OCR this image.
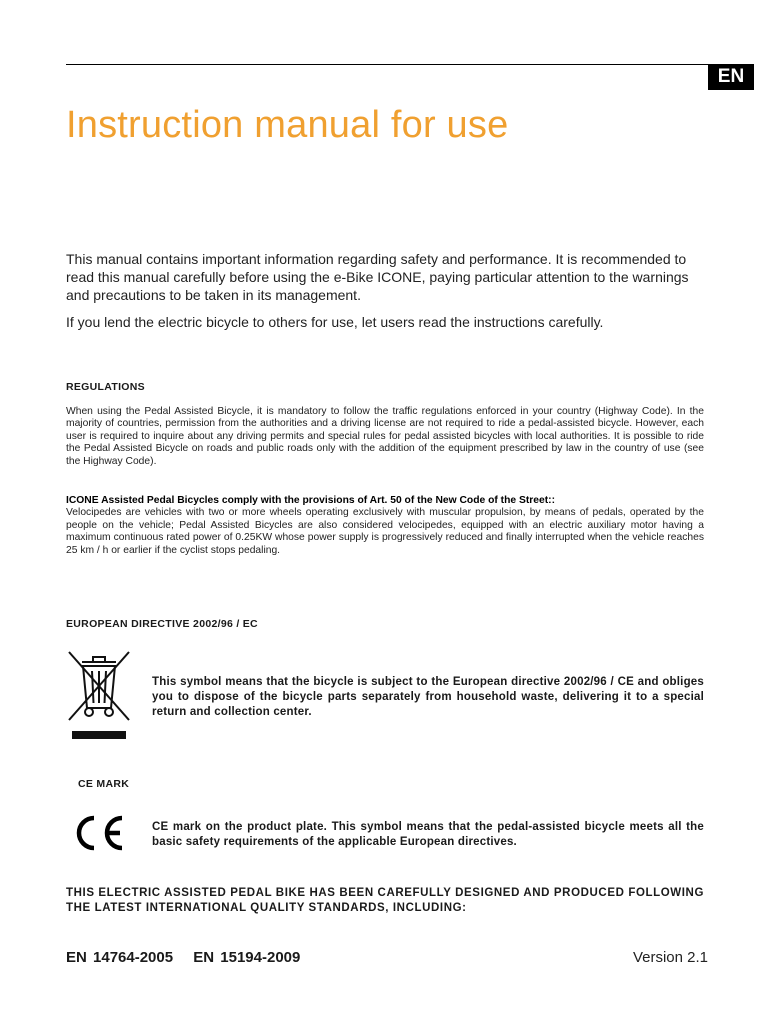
EN
Instruction manual for use

This manual contains important information regarding safety and performance. It is recommended to read this manual carefully before using the e-Bike ICONE, paying particular attention to the warnings and precautions to be taken in its management.

If you lend the electric bicycle to others for use, let users read the instructions carefully.

REGULATIONS

When using the Pedal Assisted Bicycle, it is mandatory to follow the traffic regulations enforced in your country (Highway Code). In the majority of countries, permission from the authorities and a driving license are not required to ride a pedal-assisted bicycle. However, each user is required to inquire about any driving permits and special rules for pedal assisted bicycles with local authorities. It is possible to ride the Pedal Assisted Bicycle on roads and public roads only with the addition of the equipment prescribed by law in the country of use (see the Highway Code).

ICONE Assisted Pedal Bicycles comply with the provisions of Art. 50 of the New Code of the Street::
Velocipedes are vehicles with two or more wheels operating exclusively with muscular propulsion, by means of pedals, operated by the people on the vehicle; Pedal Assisted Bicycles are also considered velocipedes, equipped with an electric auxiliary motor having a maximum continuous rated power of 0.25KW whose power supply is progressively reduced and finally interrupted when the vehicle reaches 25 km / h or earlier if the cyclist stops pedaling.

EUROPEAN DIRECTIVE 2002/96 / EC

This symbol means that the bicycle is subject to the European directive 2002/96 / CE and obliges you to dispose of the bicycle parts separately from household waste, delivering it to a special return and collection center.

CE MARK

CE mark on the product plate. This symbol means that the pedal-assisted bicycle meets all the basic safety requirements of the applicable European directives.

THIS ELECTRIC ASSISTED PEDAL BIKE HAS BEEN CAREFULLY DESIGNED AND PRODUCED FOLLOWING THE LATEST INTERNATIONAL QUALITY STANDARDS, INCLUDING:

EN 14764-2005 EN 15194-2009	Version 2.1
